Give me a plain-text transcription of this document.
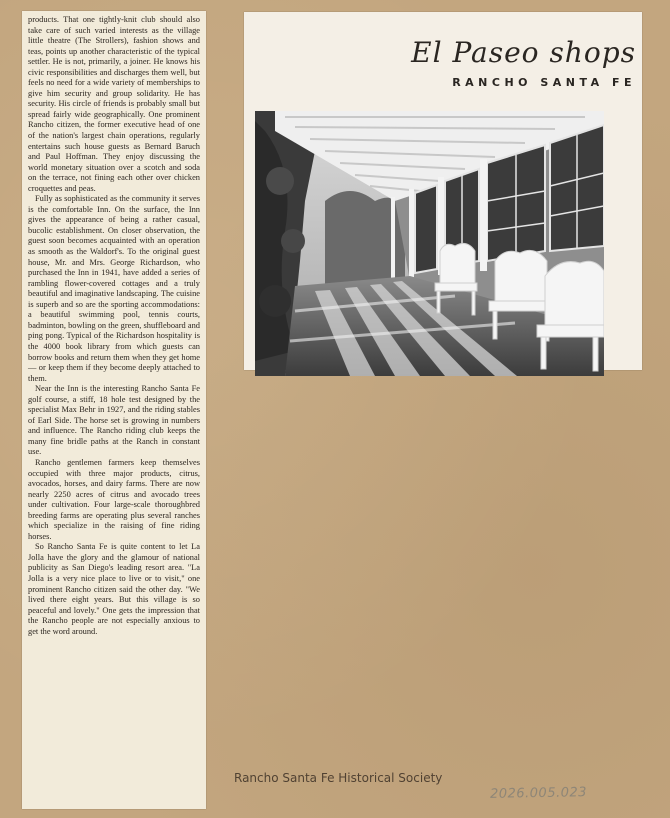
products. That one tightly-knit club should also take care of such varied interests as the village little theatre (The Strollers), fashion shows and teas, points up another characteristic of the typical settler. He is not, primarily, a joiner. He knows his civic responsibilities and discharges them well, but feels no need for a wide variety of memberships to give him security and group solidarity. He has security. His circle of friends is probably small but spread fairly wide geographically. One prominent Rancho citizen, the former executive head of one of the nation's largest chain operations, regularly entertains such house guests as Bernard Baruch and Paul Hoffman. They enjoy discussing the world monetary situation over a scotch and soda on the terrace, not fining each other over chicken croquettes and peas.

Fully as sophisticated as the community it serves is the comfortable Inn. On the surface, the Inn gives the appearance of being a rather casual, bucolic establishment. On closer observation, the guest soon becomes acquainted with an operation as smooth as the Waldorf's. To the original guest house, Mr. and Mrs. George Richardson, who purchased the Inn in 1941, have added a series of rambling flower-covered cottages and a truly beautiful and imaginative landscaping. The cuisine is superb and so are the sporting accommodations: a beautiful swimming pool, tennis courts, badminton, bowling on the green, shuffleboard and ping pong. Typical of the Richardson hospitality is the 4000 book library from which guests can borrow books and return them when they get home — or keep them if they become deeply attached to them.

Near the Inn is the interesting Rancho Santa Fe golf course, a stiff, 18 hole test designed by the specialist Max Behr in 1927, and the riding stables of Earl Side. The horse set is growing in numbers and influence. The Rancho riding club keeps the many fine bridle paths at the Ranch in constant use.

Rancho gentlemen farmers keep themselves occupied with three major products, citrus, avocados, horses, and dairy farms. There are now nearly 2250 acres of citrus and avocado trees under cultivation. Four large-scale thoroughbred breeding farms are operating plus several ranches which specialize in the raising of fine riding horses.

So Rancho Santa Fe is quite content to let La Jolla have the glory and the glamour of national publicity as San Diego's leading resort area. "La Jolla is a very nice place to live or to visit," one prominent Rancho citizen said the other day. "We lived there eight years. But this village is so peaceful and lovely." One gets the impression that the Rancho people are not especially anxious to get the word around.

El Paseo shops
RANCHO SANTA FE
Rancho Santa Fe Historical Society
2026.005.023
